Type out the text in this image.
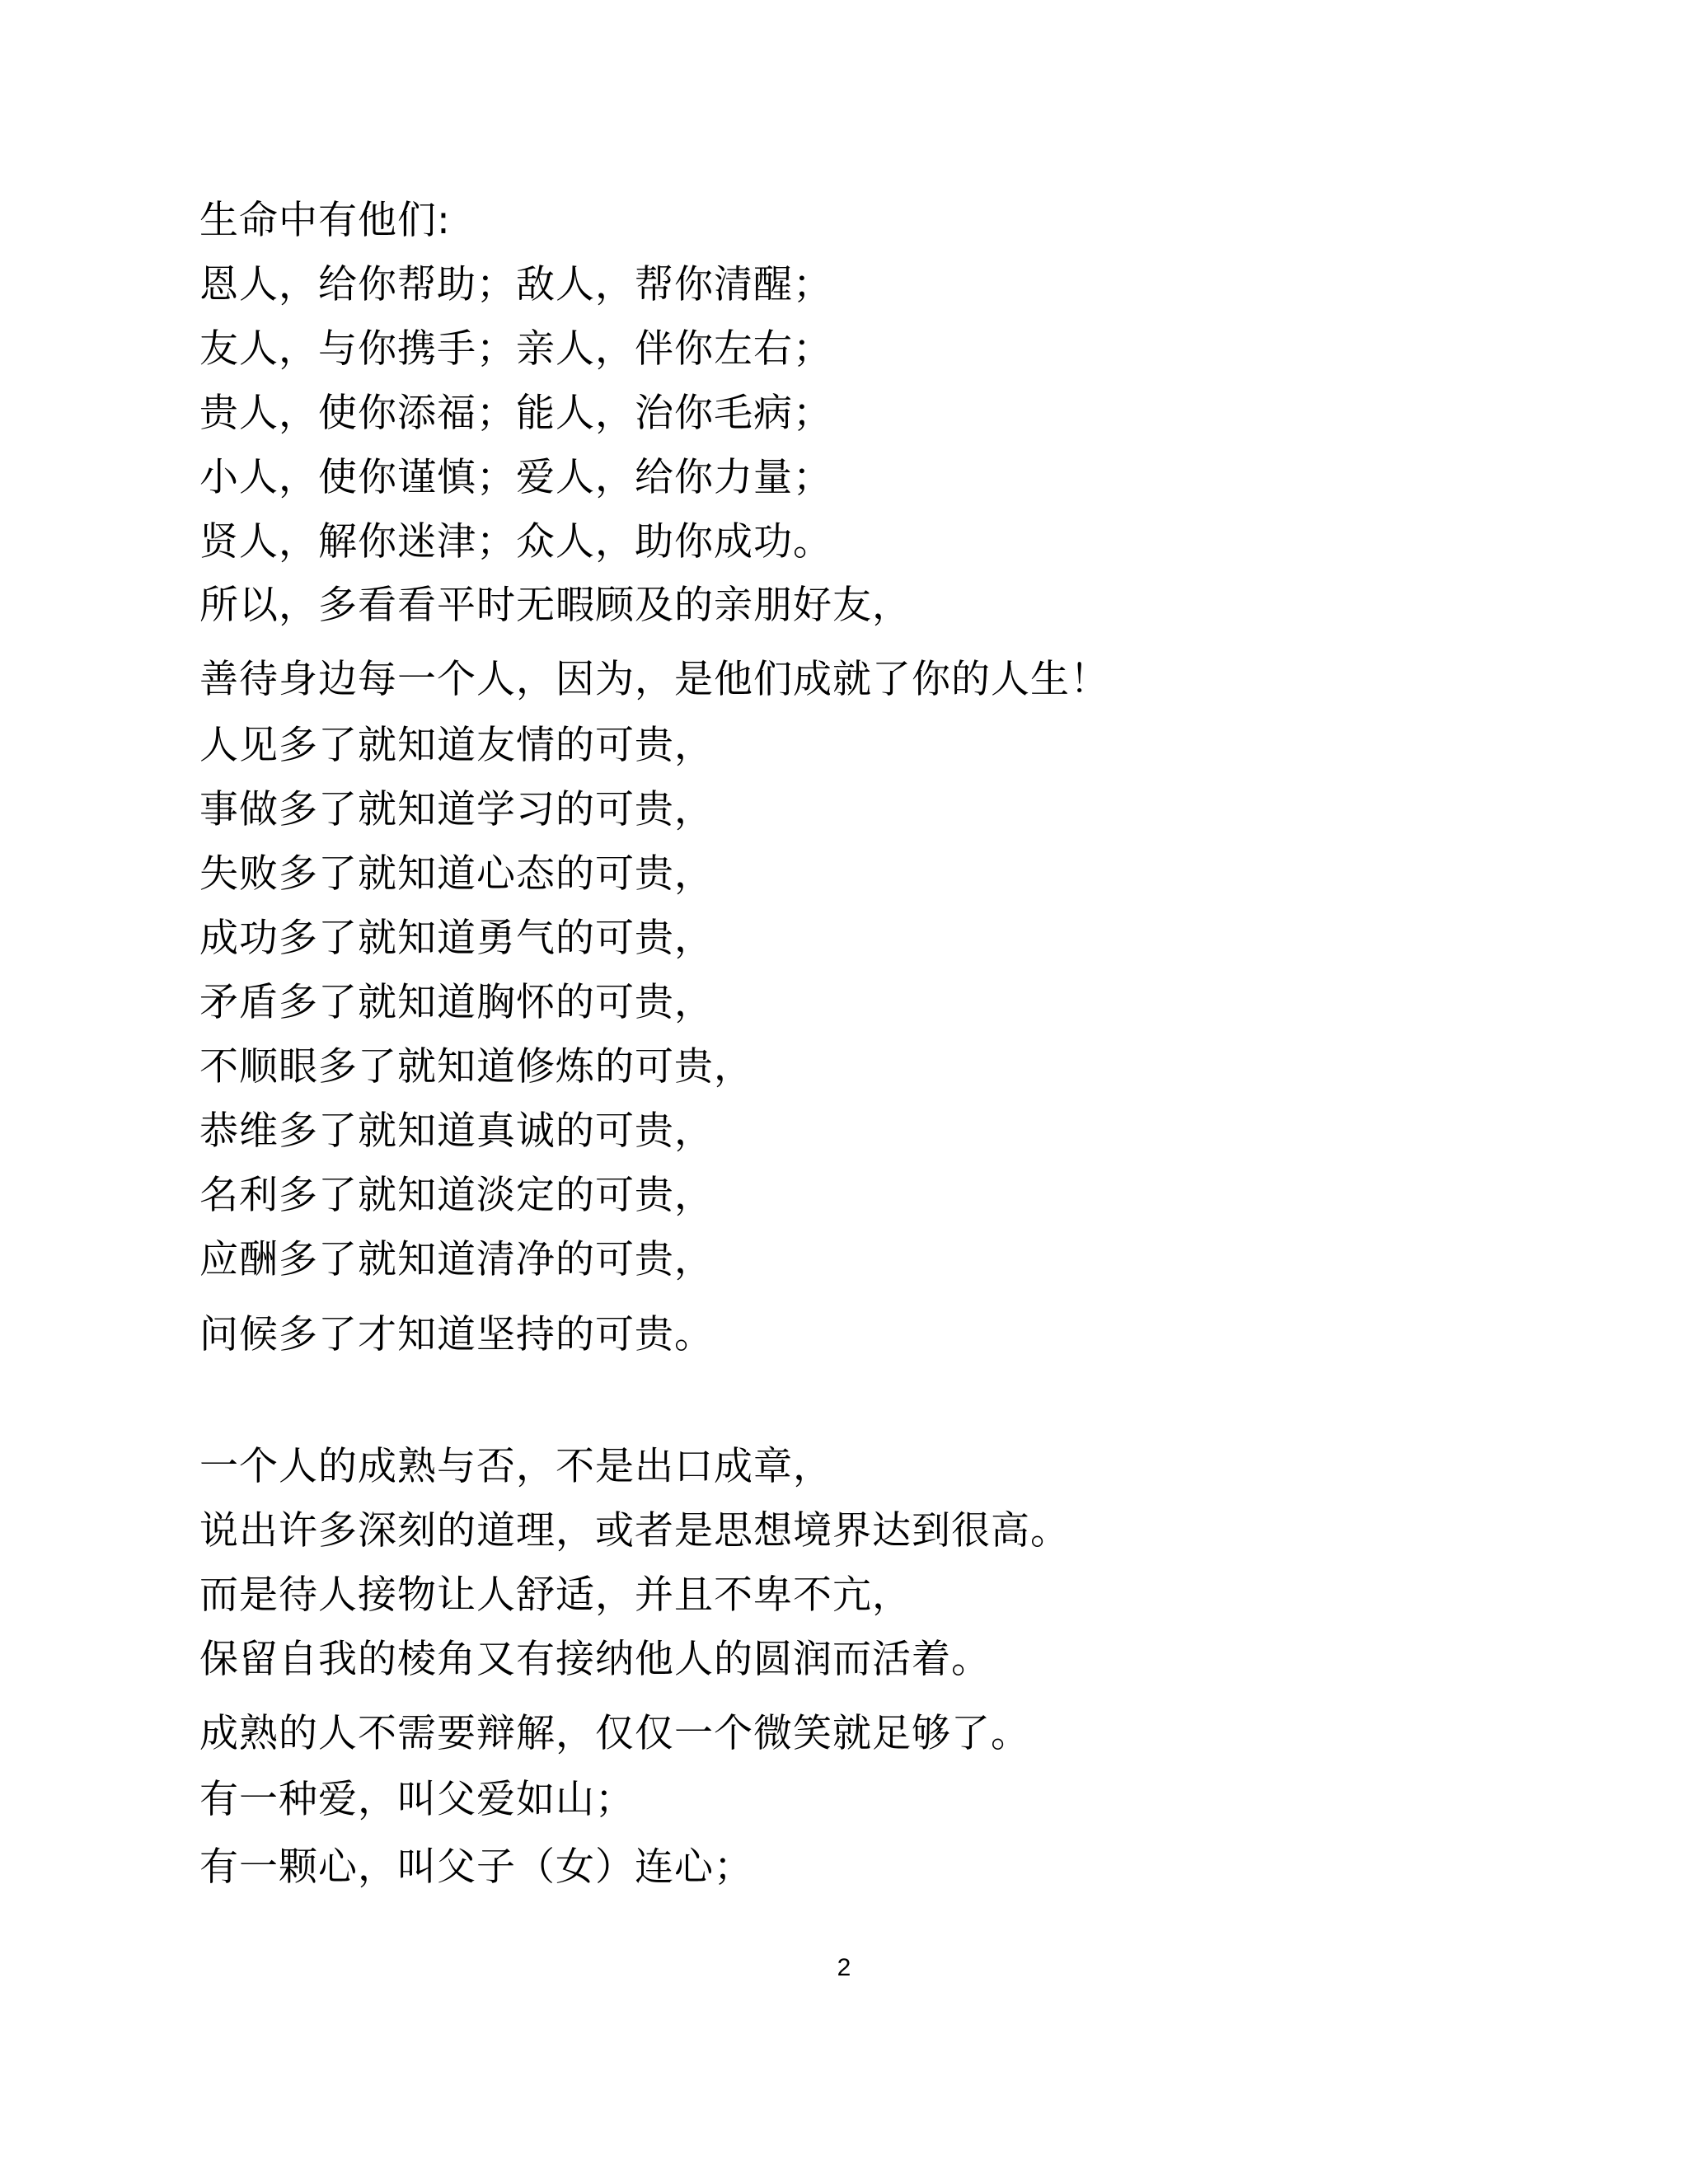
生命中有他们:
恩人，给你帮助；敌人，帮你清醒；
友人，与你携手；亲人，伴你左右；
贵人，使你添福；能人，治你毛病；
小人，使你谨慎；爱人，给你力量；
贤人，解你迷津；众人，助你成功。
所以，多看看平时无暇顾及的亲朋好友，
善待身边每一个人，因为，是他们成就了你的人生！
人见多了就知道友情的可贵，
事做多了就知道学习的可贵，
失败多了就知道心态的可贵，
成功多了就知道勇气的可贵，
矛盾多了就知道胸怀的可贵，
不顺眼多了就知道修炼的可贵，
恭维多了就知道真诚的可贵，
名利多了就知道淡定的可贵，
应酬多了就知道清净的可贵，
问候多了才知道坚持的可贵。
一个人的成熟与否，不是出口成章，
说出许多深刻的道理，或者是思想境界达到很高。
而是待人接物让人舒适，并且不卑不亢，
保留自我的棱角又有接纳他人的圆润而活着。
成熟的人不需要辩解，仅仅一个微笑就足够了。
有一种爱，叫父爱如山；
有一颗心，叫父子（女）连心；
2
